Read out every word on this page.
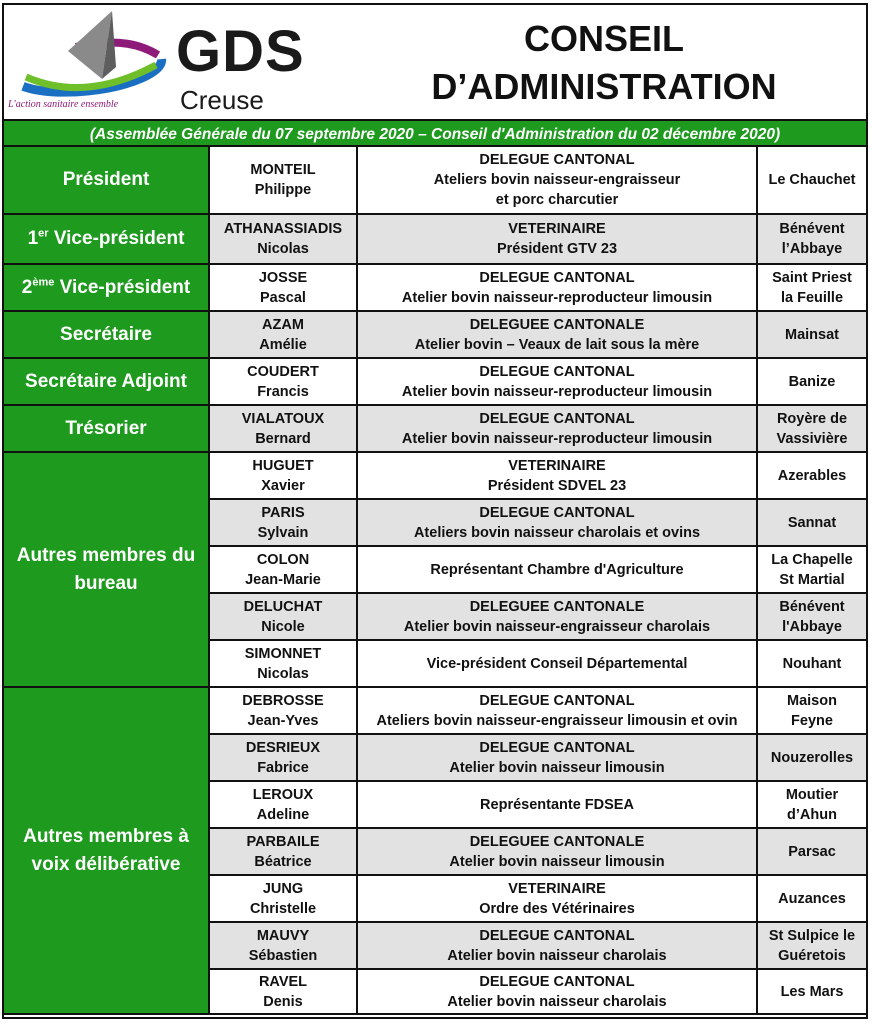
L'action sanitaire ensemble
GDS
Creuse
CONSEIL
D’ADMINISTRATION
(Assemblée Générale du 07 septembre 2020 – Conseil d'Administration du 02 décembre 2020)
MONTEIL
Philippe
DELEGUE CANTONAL
Ateliers bovin naisseur-engraisseur
et porc charcutier
Le Chauchet
ATHANASSIADIS
Nicolas
VETERINAIRE
Président GTV 23
Bénévent
l’Abbaye
JOSSE
Pascal
DELEGUE CANTONAL
Atelier bovin naisseur-reproducteur limousin
Saint Priest
la Feuille
AZAM
Amélie
DELEGUEE CANTONALE
Atelier bovin – Veaux de lait sous la mère
Mainsat
COUDERT
Francis
DELEGUE CANTONAL
Atelier bovin naisseur-reproducteur limousin
Banize
VIALATOUX
Bernard
DELEGUE CANTONAL
Atelier bovin naisseur-reproducteur limousin
Royère de
Vassivière
HUGUET
Xavier
VETERINAIRE
Président SDVEL 23
Azerables
PARIS
Sylvain
DELEGUE CANTONAL
Ateliers bovin naisseur charolais et ovins
Sannat
COLON
Jean-Marie
Représentant Chambre d'Agriculture
La Chapelle
St Martial
DELUCHAT
Nicole
DELEGUEE CANTONALE
Atelier bovin naisseur-engraisseur charolais
Bénévent
l'Abbaye
SIMONNET
Nicolas
Vice-président Conseil Départemental	Nouhant
DEBROSSE
Jean-Yves
DELEGUE CANTONAL
Ateliers bovin naisseur-engraisseur limousin et ovin
Maison
Feyne
DESRIEUX
Fabrice
DELEGUE CANTONAL
Atelier bovin naisseur limousin
Nouzerolles
LEROUX
Adeline
Représentante FDSEA
Moutier
d’Ahun
PARBAILE
Béatrice
DELEGUEE CANTONALE
Atelier bovin naisseur limousin
Parsac
JUNG
Christelle
VETERINAIRE
Ordre des Vétérinaires
Auzances
MAUVY
Sébastien
DELEGUE CANTONAL
Atelier bovin naisseur charolais
St Sulpice le
Guéretois
RAVEL
Denis
DELEGUE CANTONAL
Atelier bovin naisseur charolais
Les Mars
Président
1er Vice-président
2ème Vice-président
Secrétaire
Secrétaire Adjoint
Trésorier
Autres membres du
bureau
Autres membres à
voix délibérative
